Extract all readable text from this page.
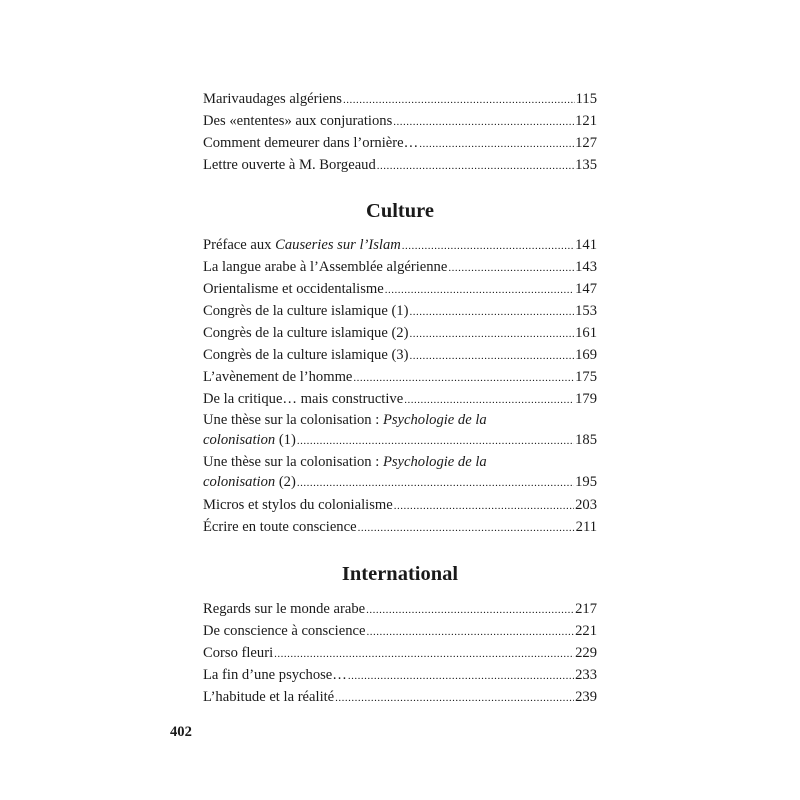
Marivaudages algériens .....	115
Des «ententes» aux conjurations .....	121
Comment demeurer dans l’ornière… .....	127
Lettre ouverte à M. Borgeaud .....	135
Culture
Préface aux Causeries sur l’Islam .....	141
La langue arabe à l’Assemblée algérienne .....	143
Orientalisme et occidentalisme .....	147
Congrès de la culture islamique (1) .....	153
Congrès de la culture islamique (2) .....	161
Congrès de la culture islamique (3) .....	169
L’avènement de l’homme .....	175
De la critique… mais constructive .....	179
Une thèse sur la colonisation : Psychologie de la
colonisation (1) .....	185
Une thèse sur la colonisation : Psychologie de la
colonisation (2) .....	195
Micros et stylos du colonialisme .....	203
Écrire en toute conscience .....	211
International
Regards sur le monde arabe .....	217
De conscience à conscience .....	221
Corso fleuri .....	229
La fin d’une psychose… .....	233
L’habitude et la réalité .....	239
402
